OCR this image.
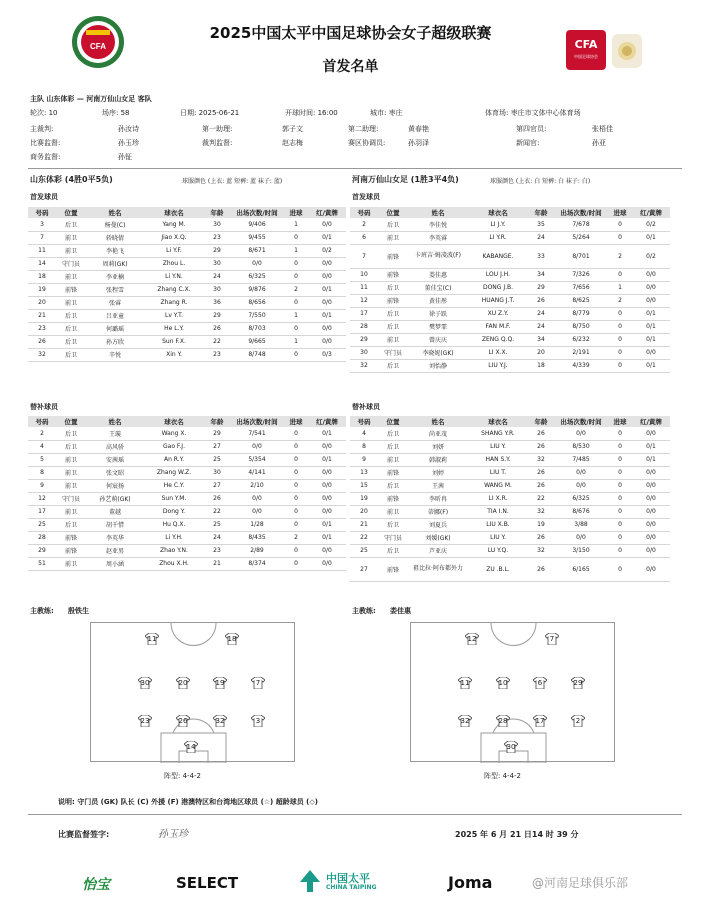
CFA	CFA
中国足球协会
2025中国太平中国足球协会女子超级联赛
首发名单
主队 山东体彩 — 河南万仙山女足 客队
轮次: 10	场序: 58	日期: 2025-06-21	开球时间: 16:00	城市: 枣庄	体育场: 枣庄市文体中心体育场
主裁判:	孙汝诗	第一助理:	郭子文	第二助理:	黄春艳	第四官员:	张梧佳
比赛监督:	孙玉珍	裁判监督:	赵志梅	赛区协调员:	孙羽泽	新闻官:	孙亚
商务监督:	孙钲
山东体彩 (4胜0平5负)	球服颜色 (上衣: 蓝 短裤: 蓝 袜子: 蓝)	河南万仙山女足 (1胜3平4负)	球服颜色 (上衣: 白 短裤: 白 袜子: 白)
首发球员	首发球员
号码	位置	姓名	球衣名	年龄	出场次数/时间	进球	红/黄牌
3	后卫	杨曼(C)	Yang M.	30	9/406	1	0/0
7	前卫	轿晓倩	Jiao X.Q.	23	9/455	0	0/1
11	前卫	李艳飞	Li Y.F.	29	8/671	1	0/2
14	守门员	周莉(GK)	Zhou L.	30	0/0	0	0/0
18	前卫	李亚楠	Li Y.N.	24	6/325	0	0/0
19	前锋	张程雪	Zhang C.X.	30	9/876	2	0/1
20	前卫	张睿	Zhang R.	36	8/656	0	0/0
21	后卫	吕亚童	Lv Y.T.	29	7/550	1	0/1
23	后卫	何璐瑶	He L.Y.	26	8/703	0	0/0
26	后卫	孙方欣	Sun F.X.	22	9/665	1	0/0
32	后卫	辛悦	Xin Y.	23	8/748	0	0/3
号码	位置	姓名	球衣名	年龄	出场次数/时间	进球	红/黄牌
2	后卫	李佳悦	LI J.Y.	35	7/678	0	0/2
6	前卫	李英睿	LI Y.R.	24	5/264	0	0/1
7	前锋	卡班吉·姆凌波(F)	KABANGE.	33	8/701	2	0/2
10	前锋	娄佳惠	LOU J.H.	34	7/326	0	0/0
11	后卫	董佳宝(C)	DONG J.B.	29	7/656	1	0/0
12	前锋	黄佳彤	HUANG J.T.	26	8/625	2	0/0
17	后卫	徐子跃	XU Z.Y.	24	8/779	0	0/1
28	后卫	樊梦霏	FAN M.F.	24	8/750	0	0/1
29	前卫	曾庆庆	ZENG Q.Q.	34	6/232	0	0/1
30	守门员	李晓妮(GK)	LI X.X.	20	2/191	0	0/0
32	后卫	刘怡静	LIU Y.J.	18	4/339	0	0/1
替补球员	替补球员
号码	位置	姓名	球衣名	年龄	出场次数/时间	进球	红/黄牌
2	后卫	王璇	Wang X.	29	7/541	0	0/1
4	后卫	高风骄	Gao F.J.	27	0/0	0	0/0
5	前卫	安茜瑶	An R.Y.	25	5/354	0	0/1
8	前卫	张文昭	Zhang W.Z.	30	4/141	0	0/0
9	前卫	何宸扬	He C.Y.	27	2/10	0	0/0
12	守门员	孙艺萌(GK)	Sun Y.M.	26	0/0	0	0/0
17	前卫	董越	Dong Y.	22	0/0	0	0/0
25	后卫	胡千惜	Hu Q.X.	25	1/28	0	0/1
28	前锋	李英华	Li Y.H.	24	8/435	2	0/1
29	前锋	赵亚男	Zhao Y.N.	23	2/89	0	0/0
51	前卫	周小涵	Zhou X.H.	21	8/374	0	0/0
号码	位置	姓名	球衣名	年龄	出场次数/时间	进球	红/黄牌
4	后卫	尚亚茂	SHANG Y.R.	26	0/0	0	0/0
8	后卫	刘妍	LIU Y.	26	8/530	0	0/1
9	前卫	韩淑莉	HAN S.Y.	32	7/485	0	0/1
13	前锋	刘婷	LIU T.	26	0/0	0	0/0
15	后卫	王茜	WANG M.	26	0/0	0	0/0
19	前锋	李昕冉	LI X.R.	22	6/325	0	0/0
20	前卫	蒂娜(F)	TIA I.N.	32	8/676	0	0/0
21	后卫	刘夏兵	LIU X.B.	19	3/88	0	0/0
22	守门员	刘媛(GK)	LIU Y.	26	0/0	0	0/0
25	后卫	芦亚庆	LU Y.Q.	32	3/150	0	0/0
27	前锋	祖比拉·阿布都外力	ZU .B.L.	26	6/165	0	0/0
主教练: 殷铁生	主教练: 娄佳惠
11	18
30	20	19	7
23	26	32	3
14
12	7
11	10	6	29
32	28	17	2
30
阵型: 4-4-2	阵型: 4-4-2
说明: 守门员 (GK) 队长 (C) 外援 (F) 港澳特区和台湾地区球员 (☆) 超龄球员 (◇)
比赛监督签字:	孙玉珍	2025 年 6 月 21 日14 时 39 分
怡宝	SELECT	中国太平
CHINA TAIPING	Joma	@河南足球俱乐部
